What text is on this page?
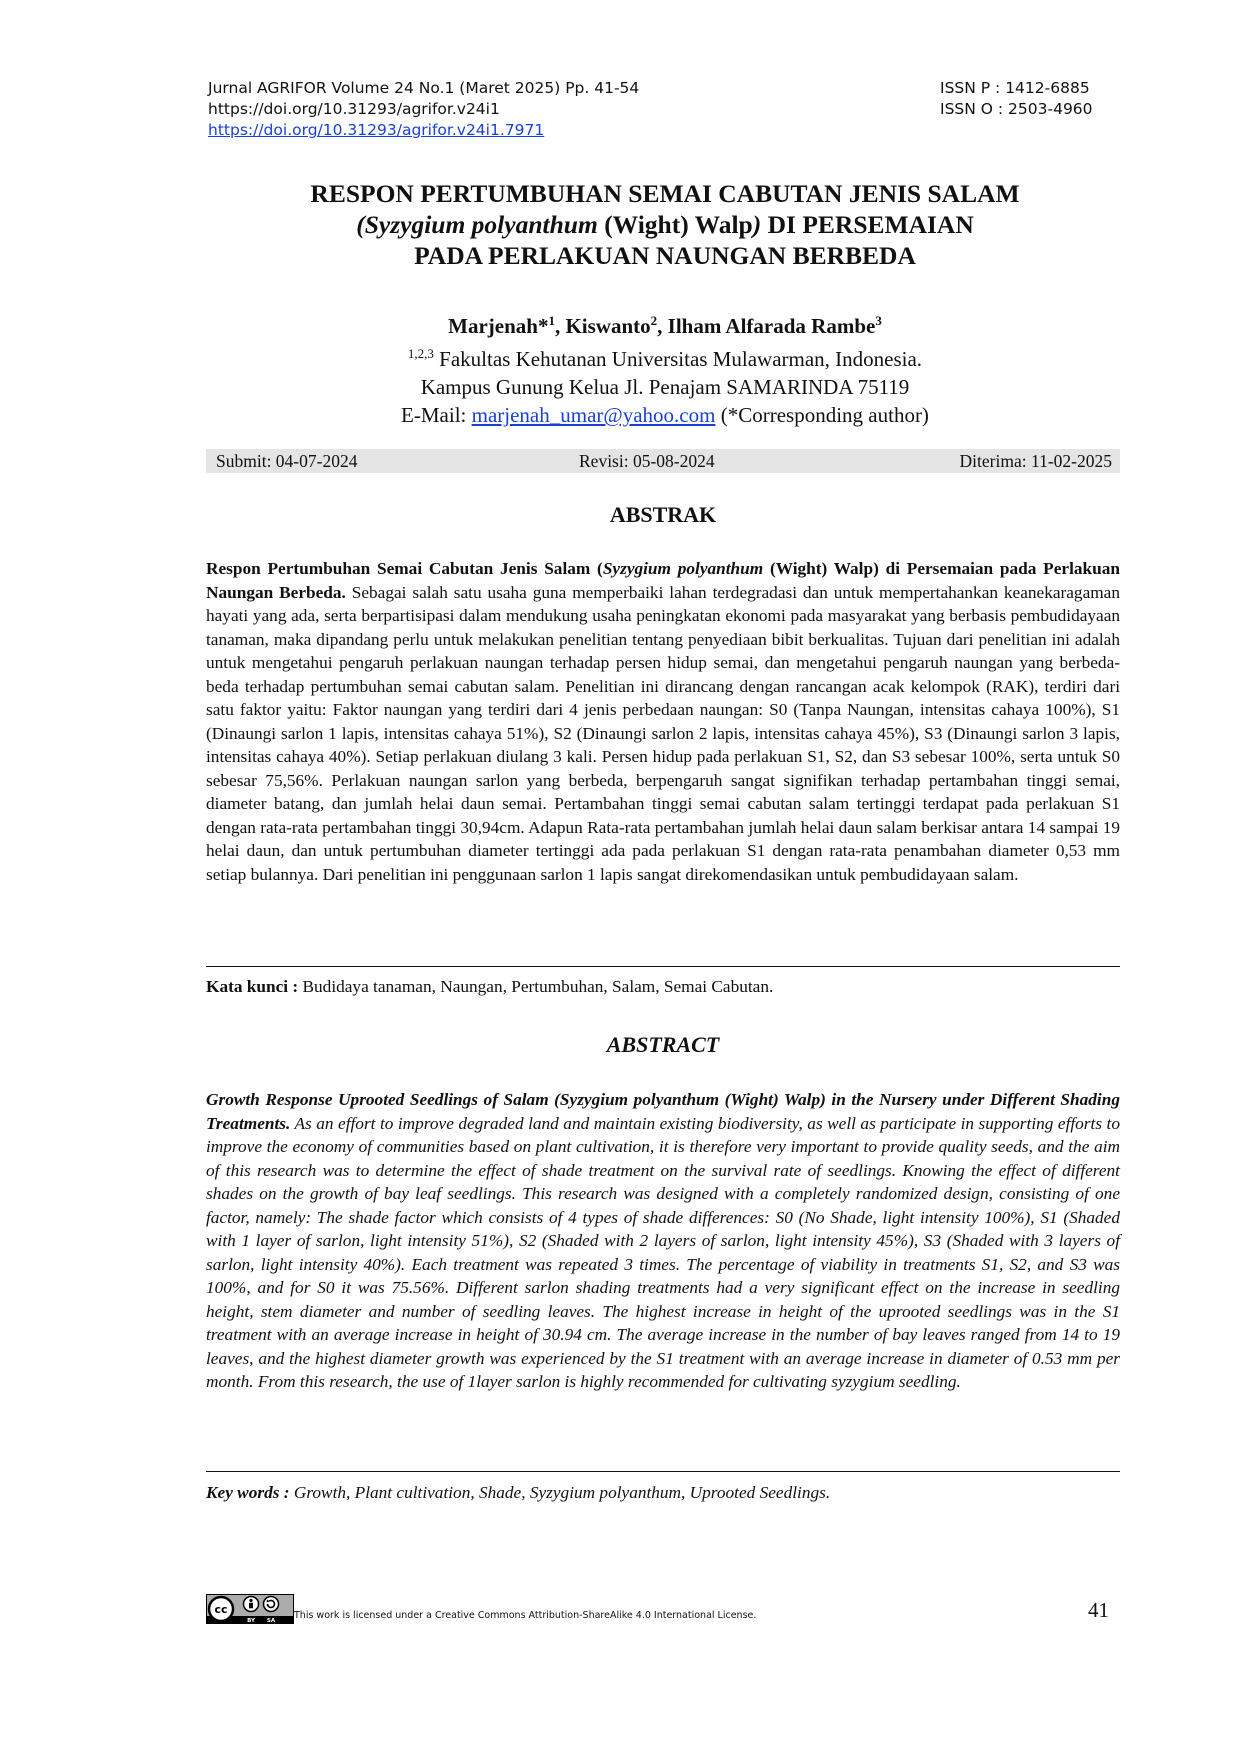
Jurnal AGRIFOR Volume 24 No.1 (Maret 2025) Pp. 41-54
https://doi.org/10.31293/agrifor.v24i1
https://doi.org/10.31293/agrifor.v24i1.7971
ISSN P : 1412-6885
ISSN O : 2503-4960
RESPON PERTUMBUHAN SEMAI CABUTAN JENIS SALAM
(Syzygium polyanthum (Wight) Walp) DI PERSEMAIAN
PADA PERLAKUAN NAUNGAN BERBEDA
Marjenah*$^1$, Kiswanto$^2$, Ilham Alfarada Rambe$^3$
$^{1,2,3}$ Fakultas Kehutanan Universitas Mulawarman, Indonesia.
Kampus Gunung Kelua Jl. Penajam SAMARINDA 75119
E-Mail: marjenah_umar@yahoo.com (*Corresponding author)
Submit: 04-07-2024	Revisi: 05-08-2024	Diterima: 11-02-2025
ABSTRAK
Respon Pertumbuhan Semai Cabutan Jenis Salam (Syzygium polyanthum (Wight) Walp) di Persemaian pada Perlakuan Naungan Berbeda. Sebagai salah satu usaha guna memperbaiki lahan terdegradasi dan untuk mempertahankan keanekaragaman hayati yang ada, serta berpartisipasi dalam mendukung usaha peningkatan ekonomi pada masyarakat yang berbasis pembudidayaan tanaman, maka dipandang perlu untuk melakukan penelitian tentang penyediaan bibit berkualitas. Tujuan dari penelitian ini adalah untuk mengetahui pengaruh perlakuan naungan terhadap persen hidup semai, dan mengetahui pengaruh naungan yang berbeda-beda terhadap pertumbuhan semai cabutan salam. Penelitian ini dirancang dengan rancangan acak kelompok (RAK), terdiri dari satu faktor yaitu: Faktor naungan yang terdiri dari 4 jenis perbedaan naungan: S0 (Tanpa Naungan, intensitas cahaya 100%), S1 (Dinaungi sarlon 1 lapis, intensitas cahaya 51%), S2 (Dinaungi sarlon 2 lapis, intensitas cahaya 45%), S3 (Dinaungi sarlon 3 lapis, intensitas cahaya 40%). Setiap perlakuan diulang 3 kali. Persen hidup pada perlakuan S1, S2, dan S3 sebesar 100%, serta untuk S0 sebesar 75,56%. Perlakuan naungan sarlon yang berbeda, berpengaruh sangat signifikan terhadap pertambahan tinggi semai, diameter batang, dan jumlah helai daun semai. Pertambahan tinggi semai cabutan salam tertinggi terdapat pada perlakuan S1 dengan rata-rata pertambahan tinggi 30,94cm. Adapun Rata-rata pertambahan jumlah helai daun salam berkisar antara 14 sampai 19 helai daun, dan untuk pertumbuhan diameter tertinggi ada pada perlakuan S1 dengan rata-rata penambahan diameter 0,53 mm setiap bulannya. Dari penelitian ini penggunaan sarlon 1 lapis sangat direkomendasikan untuk pembudidayaan salam.
Kata kunci : Budidaya tanaman, Naungan, Pertumbuhan, Salam, Semai Cabutan.
ABSTRACT
Growth Response Uprooted Seedlings of Salam (Syzygium polyanthum (Wight) Walp) in the Nursery under Different Shading Treatments. As an effort to improve degraded land and maintain existing biodiversity, as well as participate in supporting efforts to improve the economy of communities based on plant cultivation, it is therefore very important to provide quality seeds, and the aim of this research was to determine the effect of shade treatment on the survival rate of seedlings. Knowing the effect of different shades on the growth of bay leaf seedlings. This research was designed with a completely randomized design, consisting of one factor, namely: The shade factor which consists of 4 types of shade differences: S0 (No Shade, light intensity 100%), S1 (Shaded with 1 layer of sarlon, light intensity 51%), S2 (Shaded with 2 layers of sarlon, light intensity 45%), S3 (Shaded with 3 layers of sarlon, light intensity 40%). Each treatment was repeated 3 times. The percentage of viability in treatments S1, S2, and S3 was 100%, and for S0 it was 75.56%. Different sarlon shading treatments had a very significant effect on the increase in seedling height, stem diameter and number of seedling leaves. The highest increase in height of the uprooted seedlings was in the S1 treatment with an average increase in height of 30.94 cm. The average increase in the number of bay leaves ranged from 14 to 19 leaves, and the highest diameter growth was experienced by the S1 treatment with an average increase in diameter of 0.53 mm per month. From this research, the use of 1layer sarlon is highly recommended for cultivating syzygium seedling.
Key words : Growth, Plant cultivation, Shade, Syzygium polyanthum, Uprooted Seedlings.
cc
BY SA This work is licensed under a Creative Commons Attribution-ShareAlike 4.0 International License.	41
